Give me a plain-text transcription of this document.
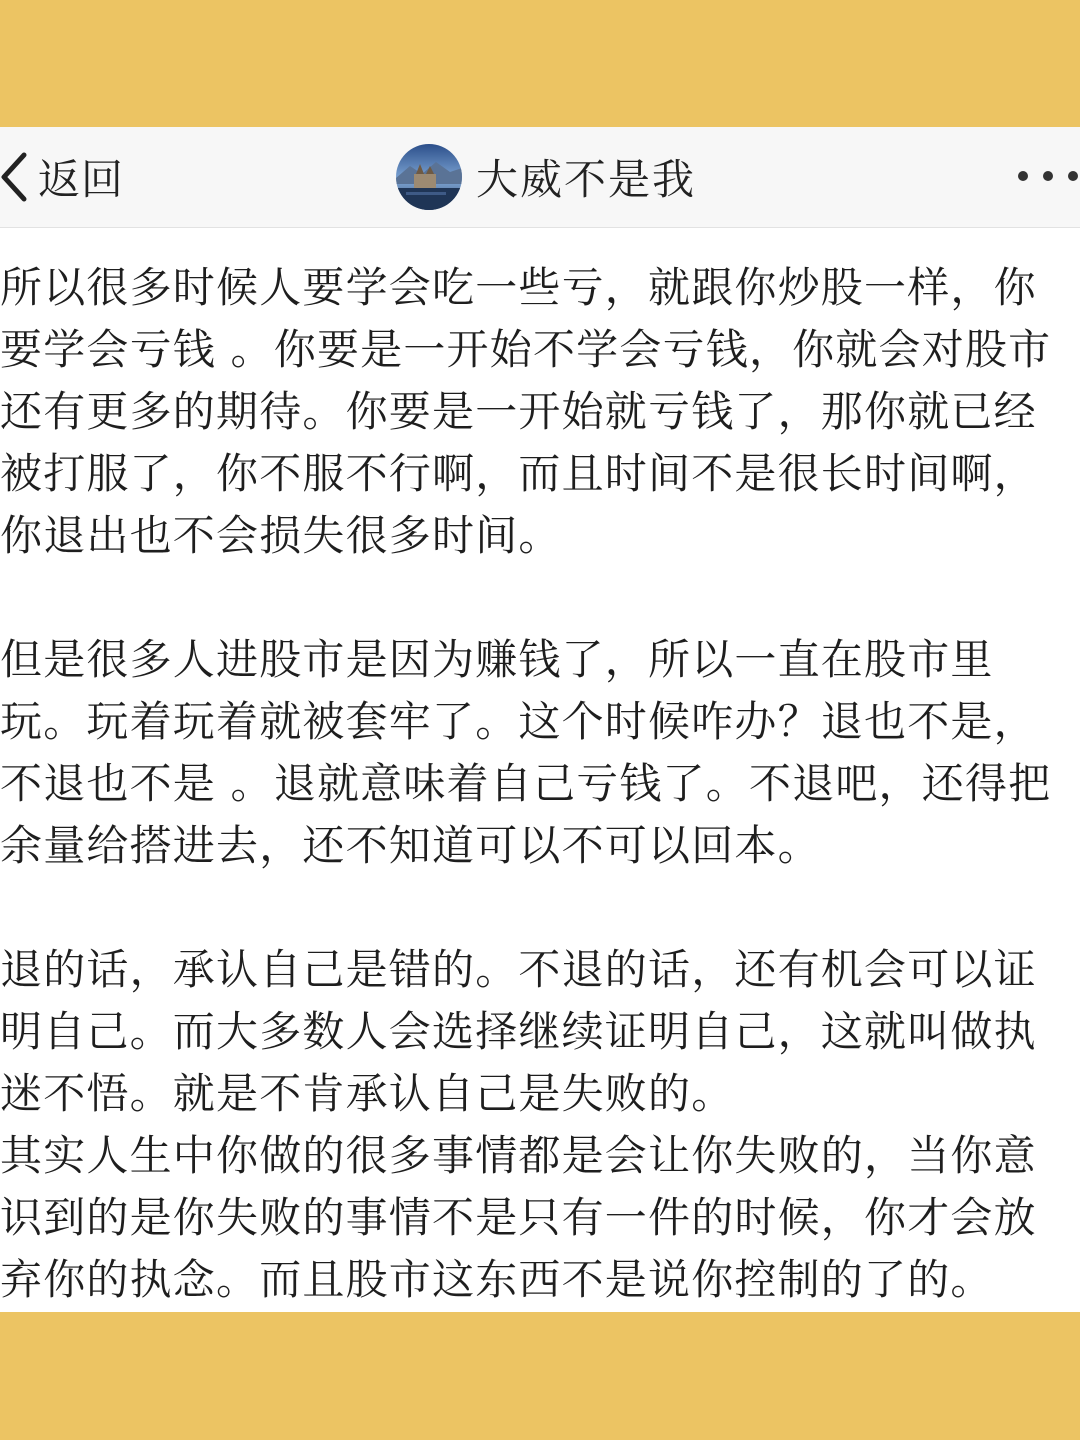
返回	大威不是我

所以很多时候人要学会吃一些亏，就跟你炒股一样，你
要学会亏钱 。你要是一开始不学会亏钱，你就会对股市
还有更多的期待。你要是一开始就亏钱了，那你就已经
被打服了，你不服不行啊，而且时间不是很长时间啊，
你退出也不会损失很多时间。

但是很多人进股市是因为赚钱了，所以一直在股市里
玩。玩着玩着就被套牢了。这个时候咋办？退也不是，
不退也不是 。退就意味着自己亏钱了。不退吧，还得把
余量给搭进去，还不知道可以不可以回本。

退的话，承认自己是错的。不退的话，还有机会可以证
明自己。而大多数人会选择继续证明自己，这就叫做执
迷不悟。就是不肯承认自己是失败的。

其实人生中你做的很多事情都是会让你失败的，当你意
识到的是你失败的事情不是只有一件的时候，你才会放
弃你的执念。而且股市这东西不是说你控制的了的。
